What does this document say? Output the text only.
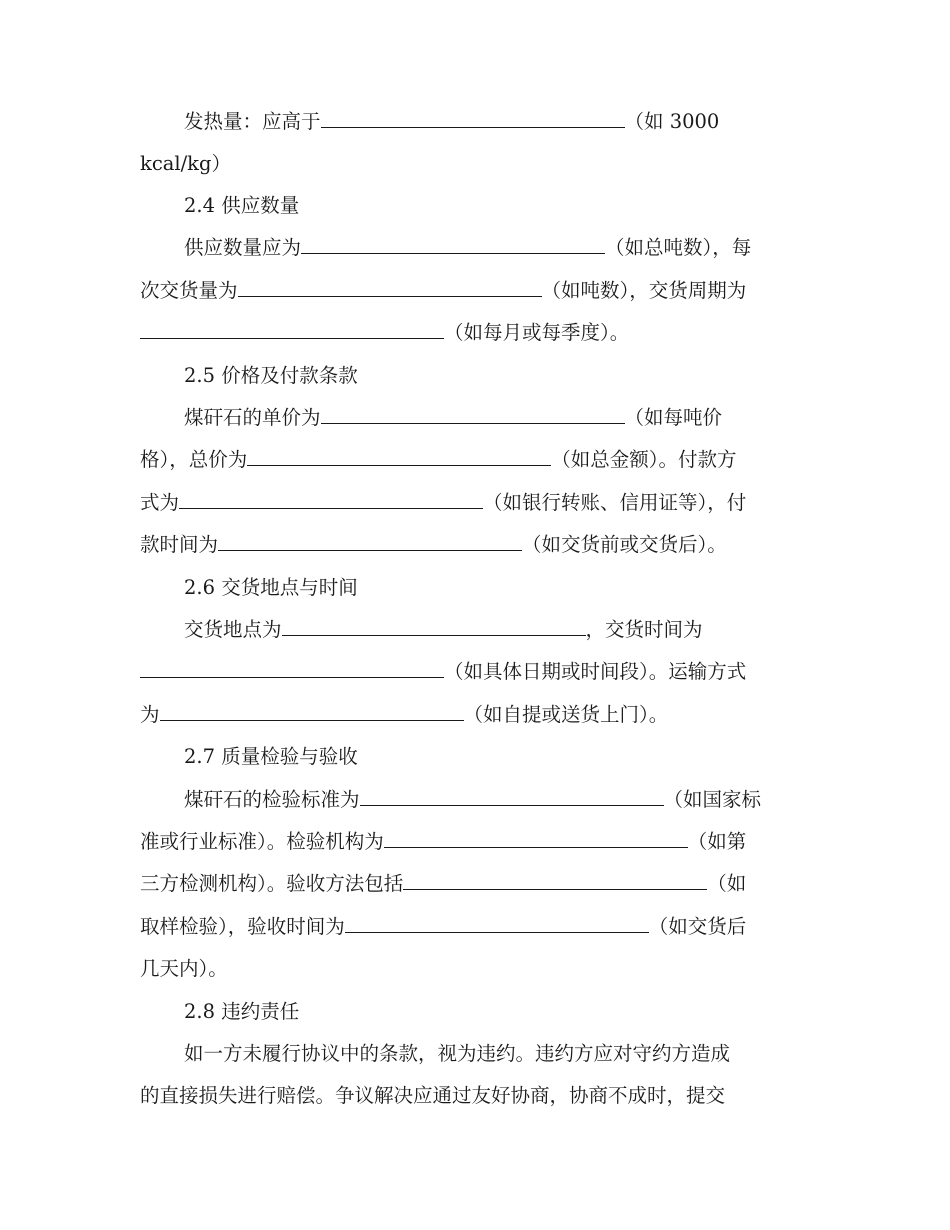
发热量：应高于	（如 3000
kcal/kg）
2.4 供应数量
供应数量应为	（如总吨数），每
次交货量为	（如吨数），交货周期为
（如每月或每季度）。
2.5 价格及付款条款
煤矸石的单价为	（如每吨价
格），总价为	（如总金额）。付款方
式为	（如银行转账、信用证等），付
款时间为	（如交货前或交货后）。
2.6 交货地点与时间
交货地点为	，交货时间为
（如具体日期或时间段）。运输方式
为	（如自提或送货上门）。
2.7 质量检验与验收
煤矸石的检验标准为	（如国家标
准或行业标准）。检验机构为	（如第
三方检测机构）。验收方法包括	（如
取样检验），验收时间为	（如交货后
几天内）。
2.8 违约责任
如一方未履行协议中的条款，视为违约。违约方应对守约方造成
的直接损失进行赔偿。争议解决应通过友好协商，协商不成时，提交
